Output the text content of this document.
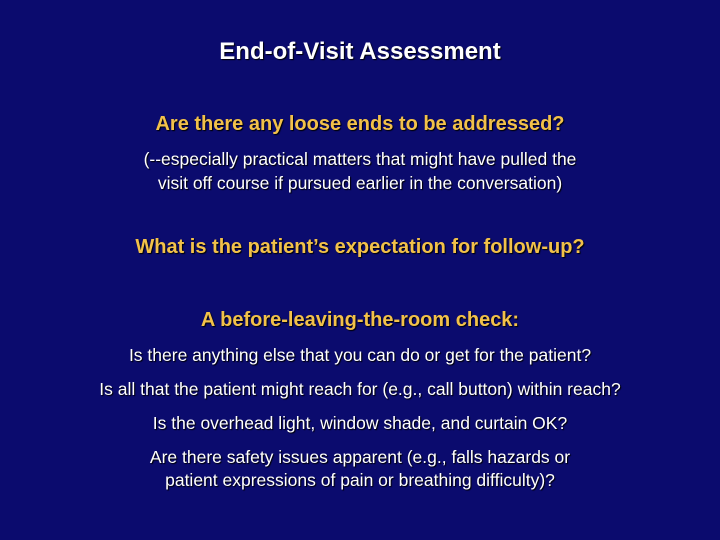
End-of-Visit Assessment
Are there any loose ends to be addressed?
(--especially practical matters that might have pulled the
visit off course if pursued earlier in the conversation)
What is the patient’s expectation for follow-up?
A before-leaving-the-room check:
Is there anything else that you can do or get for the patient?
Is all that the patient might reach for (e.g., call button) within reach?
Is the overhead light, window shade, and curtain OK?
Are there safety issues apparent (e.g., falls hazards or
patient expressions of pain or breathing difficulty)?
